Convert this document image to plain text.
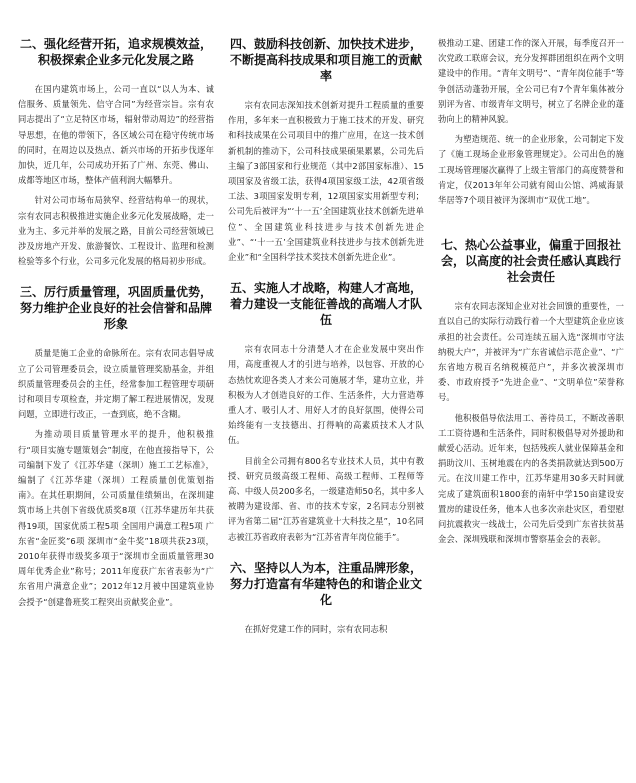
二、强化经营开拓，追求规模效益，积极探索企业多元化发展之路

在国内建筑市场上，公司一直以“以人为本、诚信服务、质量领先、信守合同”为经营宗旨。宗有农同志提出了“立足特区市场，辐射带动周边”的经营指导思想，在他的带领下，各区域公司在稳守传统市场的同时，在周边以及热点、新兴市场的开拓步伐逐年加快，近几年，公司成功开拓了广州、东莞、佛山、成都等地区市场，整体产值利润大幅攀升。

针对公司市场布局狭窄、经营结构单一的现状，宗有农同志积极推进实施企业多元化发展战略，走一业为主、多元并举的发展之路，目前公司经营领域已涉及房地产开发、旅游餐饮、工程设计、监理和检测检验等多个行业，公司多元化发展的格局初步形成。

三、厉行质量管理，巩固质量优势，努力维护企业良好的社会信誉和品牌形象

质量是施工企业的命脉所在。宗有农同志倡导成立了公司管理委员会，设立质量管理奖励基金，并组织质量管理委员会的主任，经常参加工程管理专项研讨和项目专项检查，并定期了解工程进展情况，发现问题，立即进行改正，一查到底，绝不含糊。

为推动项目质量管理水平的提升，他积极推行“项目实施专题策划会”制度，在他直接指导下，公司编制下发了《江苏华建（深圳）施工工艺标准》，编制了《江苏华建（深圳）工程质量创优策划指南》。在其任职期间，公司质量佳绩频出，在深圳建筑市场上共创下省级优质奖8项（江苏华建历年共获得19项，国家优质工程5项 全国用户满意工程5项 广东省“金匠奖”6项 深圳市“金牛奖”18项共获23项，2010年获得市级奖多项于“深圳市全面质量管理30周年优秀企业”称号；2011年度获广东省表彰为“广东省用户满意企业”；2012年12月被中国建筑业协会授予“创建鲁班奖工程突出贡献奖企业”。

四、鼓励科技创新、加快技术进步，不断提高科技成果和项目施工的贡献率

宗有农同志深知技术创新对提升工程质量的重要作用，多年来一直积极致力于施工技术的开发、研究和科技成果在公司项目中的推广应用，在这一技术创新机制的推动下，公司科技成果硕果累累，公司先后主编了3部国家和行业规范（其中2部国家标准）、15项国家及省级工法，获得4项国家级工法，42项省级工法、3项国家发明专利，12项国家实用新型专利；公司先后被评为“‘十一五’全国建筑业技术创新先进单位”、全国建筑业科技进步与技术创新先进企业”、“‘十一五’全国建筑业科技进步与技术创新先进企业”和“全国科学技术奖技术创新先进企业”。

五、实施人才战略，构建人才高地，着力建设一支能征善战的高端人才队伍

宗有农同志十分清楚人才在企业发展中突出作用，高度重视人才的引进与培养，以包容、开放的心态热忱欢迎各类人才来公司施展才华，建功立业，并积极为人才创造良好的工作、生活条件，大力营造尊重人才、吸引人才、用好人才的良好氛围，使得公司始终能有一支技德出、打得响的高素质技术人才队伍。

目前全公司拥有800名专业技术人员，其中有教授、研究员级高级工程师、高级工程师、工程师等高、中级人员200多名，一级建造师50名，其中多人被聘为建设部、省、市的技术专家，2名同志分别被评为省第二届“江苏省建筑业十大科技之星”，10名同志被江苏省政府表彰为“江苏省青年岗位能手”。

六、坚持以人为本，注重品牌形象，努力打造富有华建特色的和谐企业文化

在抓好党建工作的同时，宗有农同志积

极推动工建、团建工作的深入开展，每季度召开一次党政工联席会议，充分发挥群团组织在两个文明建设中的作用。“青年文明号”、“青年岗位能手”等争创活动蓬勃开展，全公司已有7个青年集体被分别评为省、市级青年文明号，树立了名牌企业的蓬勃向上的精神风貌。

为塑造规范、统一的企业形象，公司制定下发了《施工现场企业形象管理规定》。公司出色的施工现场管理屡次赢得了上级主管部门的高度赞誉和肯定，仅2013年年公司就有阅山公馆、鸿威海景华居等7个项目被评为深圳市“双优工地”。

七、热心公益事业，偏重于回报社会，以高度的社会责任感认真践行社会责任

宗有农同志深知企业对社会回馈的重要性，一直以自己的实际行动践行着一个大型建筑企业应该承担的社会责任。公司连续五届入选“深圳市守法纳税大户”，并被评为“广东省诚信示范企业”、“广东省地方税百名纳税模范户”，并多次被深圳市委、市政府授予“先进企业”、“文明单位”荣誉称号。

他积极倡导依法用工、善待员工，不断改善职工工资待遇和生活条件，同时积极倡导对外援助和献爱心活动。近年来，包括残疾人就业保障基金和捐助汶川、玉树地震在内的各类捐款就达到500万元。在汶川建工作中，江苏华建用30多天时间就完成了建筑面积1800套的南轩中学150亩建设安置房的建设任务，他本人也多次亲赴灾区，看望慰问抗震救灾一线战士，公司先后受到广东省扶贫基金会、深圳残联和深圳市警察基金会的表彰。
